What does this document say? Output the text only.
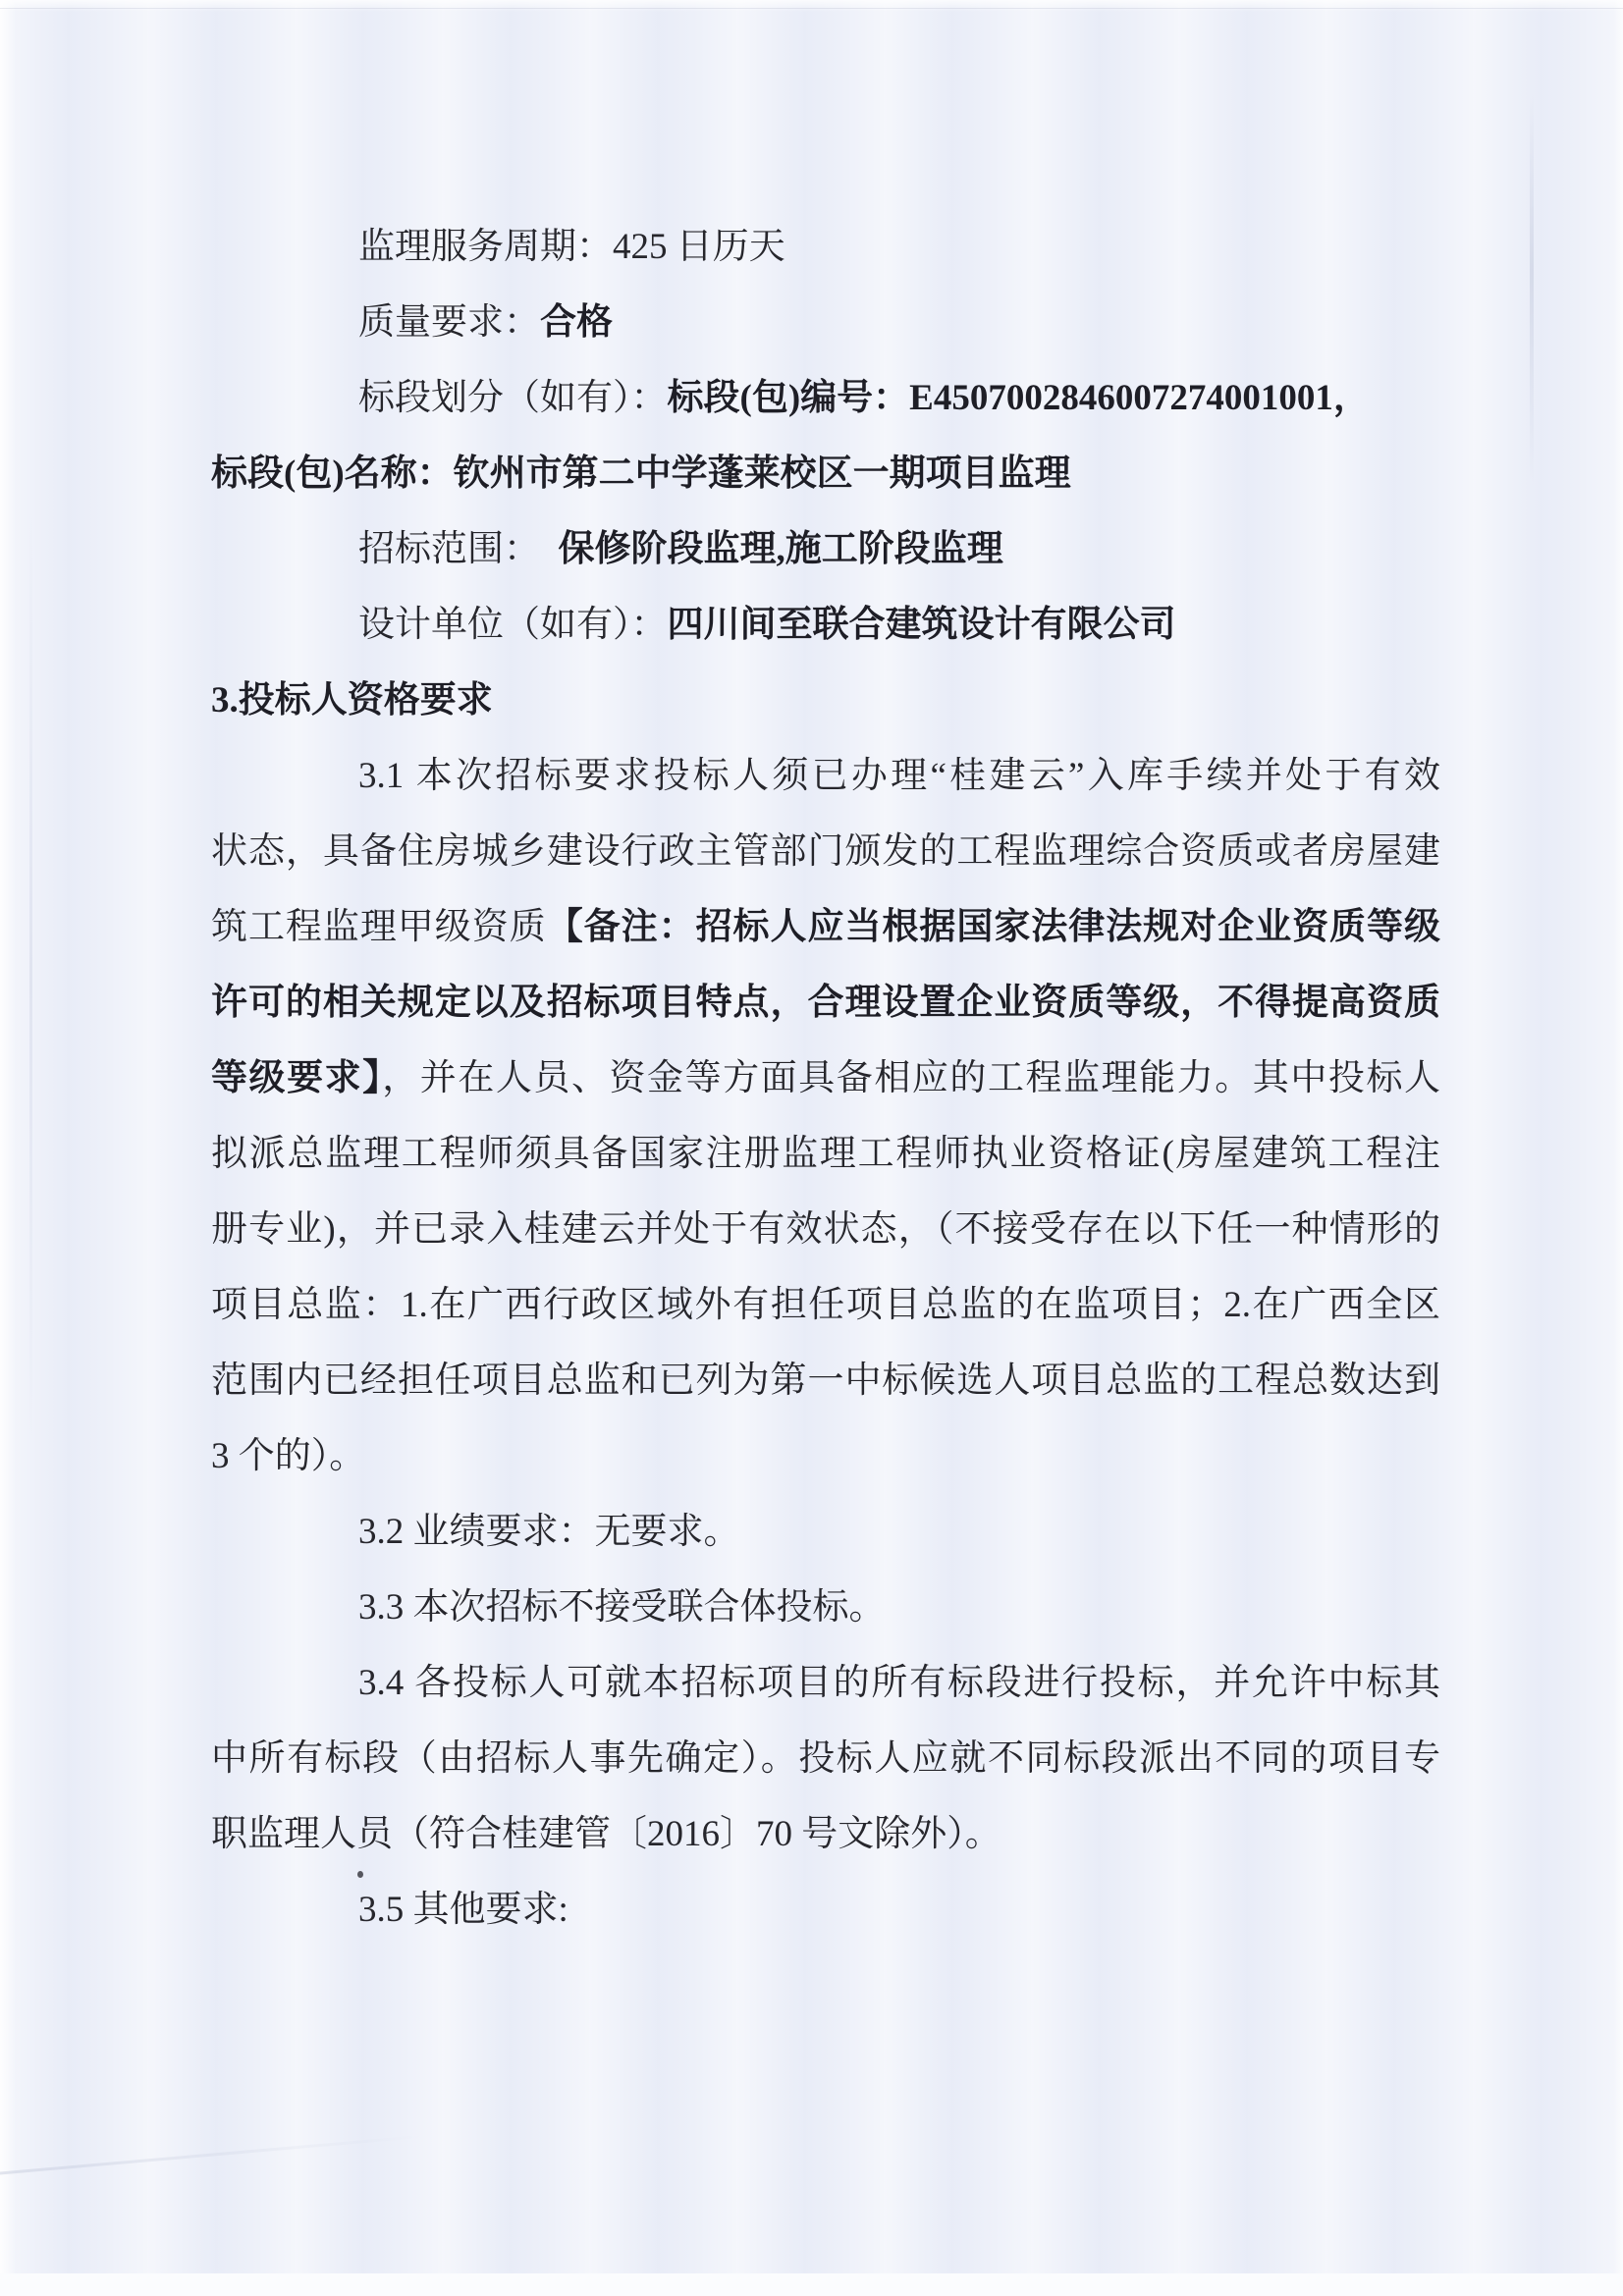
监理服务周期：425 日历天

质量要求：合格

标段划分（如有）：标段(包)编号：E4507002846007274001001，

标段(包)名称：钦州市第二中学蓬莱校区一期项目监理

招标范围：　保修阶段监理,施工阶段监理

设计单位（如有）：四川间至联合建筑设计有限公司

3.投标人资格要求

3.1 本次招标要求投标人须已办理“桂建云”入库手续并处于有效

状态，具备住房城乡建设行政主管部门颁发的工程监理综合资质或者房屋建

筑工程监理甲级资质【备注：招标人应当根据国家法律法规对企业资质等级

许可的相关规定以及招标项目特点，合理设置企业资质等级，不得提高资质

等级要求】，并在人员、资金等方面具备相应的工程监理能力。其中投标人

拟派总监理工程师须具备国家注册监理工程师执业资格证(房屋建筑工程注

册专业)，并已录入桂建云并处于有效状态，（不接受存在以下任一种情形的

项目总监：1.在广西行政区域外有担任项目总监的在监项目；2.在广西全区

范围内已经担任项目总监和已列为第一中标候选人项目总监的工程总数达到

3 个的）。

3.2 业绩要求：无要求。

3.3 本次招标不接受联合体投标。

3.4 各投标人可就本招标项目的所有标段进行投标，并允许中标其

中所有标段（由招标人事先确定）。投标人应就不同标段派出不同的项目专

职监理人员（符合桂建管〔2016〕70 号文除外）。

3.5 其他要求:
